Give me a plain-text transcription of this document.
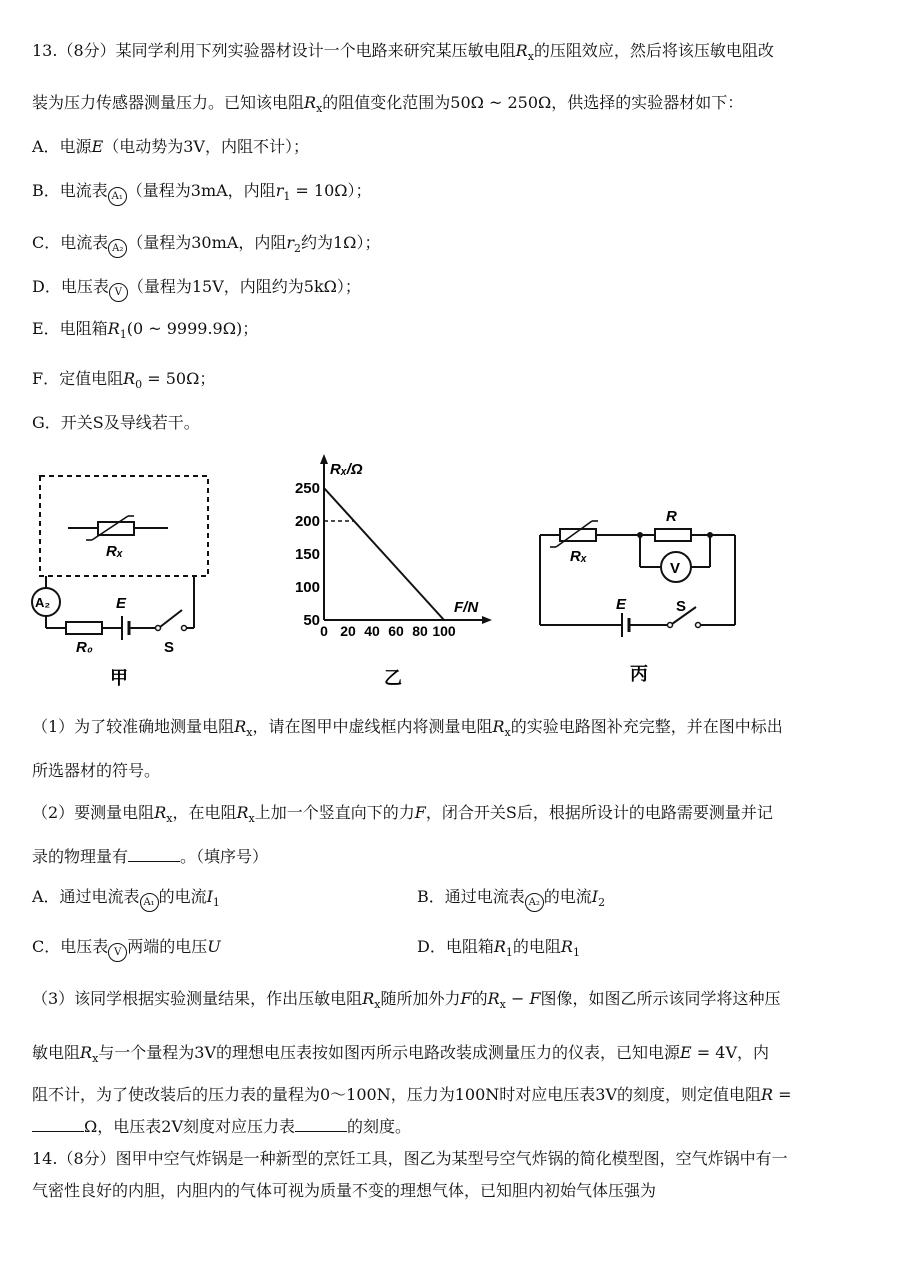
13.（8分）某同学利用下列实验器材设计一个电路来研究某压敏电阻$R_x$的压阻效应，然后将该压敏电阻改
装为压力传感器测量压力。已知该电阻$R_x$的阻值变化范围为50Ω ~ 250Ω，供选择的实验器材如下：
A．电源E（电动势为3V，内阻不计）；
B．电流表 A₁ （量程为3mA，内阻$r_1 = 10\Omega$）；
C．电流表 A₂ （量程为30mA，内阻$r_2$约为1Ω）；
D．电压表 V （量程为15V，内阻约为5kΩ）；
E．电阻箱$R_1(0$ ~ 9999.9Ω)；
F．定值电阻$R_0 = 50\Omega$；
G．开关S及导线若干。
Rₓ
A₂
R₀
E
S
甲
Rₓ/Ω
F/N
50
100
150
200
250
0 20 40 60 80 100
乙
Rₓ
R
V
E	S
丙
（1）为了较准确地测量电阻$R_x$，请在图甲中虚线框内将测量电阻$R_x$的实验电路图补充完整，并在图中标出
所选器材的符号。
（2）要测量电阻$R_x$，在电阻$R_x$上加一个竖直向下的力F，闭合开关S后，根据所设计的电路需要测量并记
录的物理量有	。（填序号）
A．通过电流表 A₁ 的电流$I_1$	B．通过电流表 A₂ 的电流$I_2$
C．电压表 V 两端的电压U	D．电阻箱$R_1$的电阻$R_1$
（3）该同学根据实验测量结果，作出压敏电阻$R_x$随所加外力F的$R_x - F$图像，如图乙所示该同学将这种压
敏电阻$R_x$与一个量程为3V的理想电压表按如图丙所示电路改装成测量压力的仪表，已知电源E = 4V，内
阻不计，为了使改装后的压力表的量程为0～100N，压力为100N时对应电压表3V的刻度，则定值电阻R =
Ω，电压表2V刻度对应压力表	的刻度。
14.（8分）图甲中空气炸锅是一种新型的烹饪工具，图乙为某型号空气炸锅的简化模型图，空气炸锅中有一
气密性良好的内胆，内胆内的气体可视为质量不变的理想气体，已知胆内初始气体压强为
